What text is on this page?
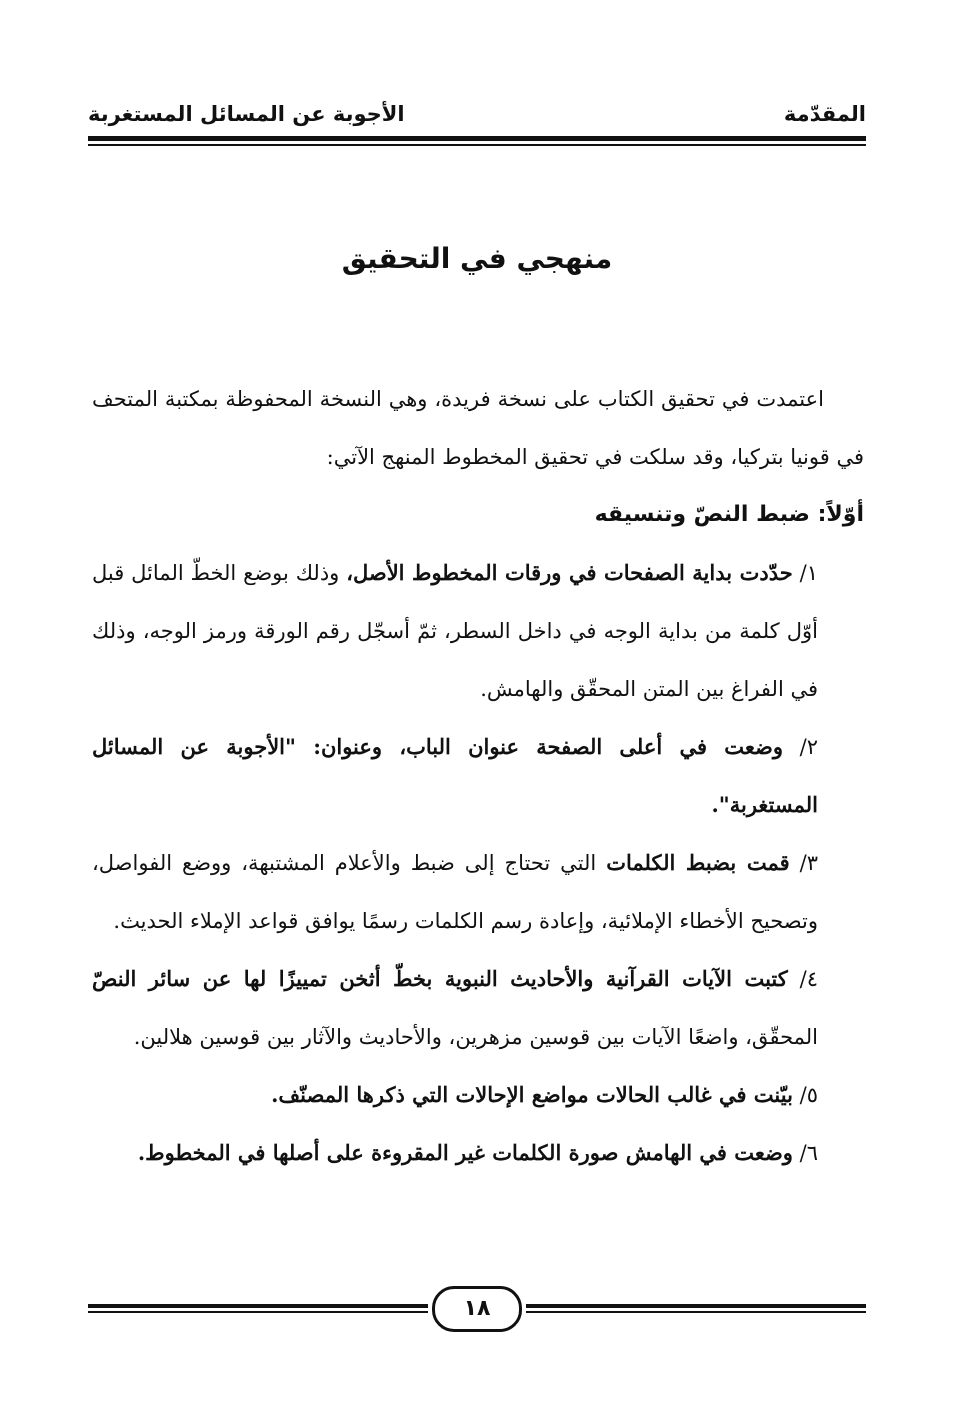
المقدّمة
الأجوبة عن المسائل المستغربة
منهجي في التحقيق

اعتمدت في تحقيق الكتاب على نسخة فريدة، وهي النسخة المحفوظة بمكتبة المتحف في قونيا بتركيا، وقد سلكت في تحقيق المخطوط المنهج الآتي:

أوّلاً: ضبط النصّ وتنسيقه

١/ حدّدت بداية الصفحات في ورقات المخطوط الأصل، وذلك بوضع الخطّ المائل قبل أوّل كلمة من بداية الوجه في داخل السطر، ثمّ أسجّل رقم الورقة ورمز الوجه، وذلك في الفراغ بين المتن المحقّق والهامش.

٢/ وضعت في أعلى الصفحة عنوان الباب، وعنوان: "الأجوبة عن المسائل المستغربة".

٣/ قمت بضبط الكلمات التي تحتاج إلى ضبط والأعلام المشتبهة، ووضع الفواصل، وتصحيح الأخطاء الإملائية، وإعادة رسم الكلمات رسمًا يوافق قواعد الإملاء الحديث.

٤/ كتبت الآيات القرآنية والأحاديث النبوية بخطّ أثخن تمييزًا لها عن سائر النصّ المحقّق، واضعًا الآيات بين قوسين مزهرين، والأحاديث والآثار بين قوسين هلالين.

٥/ بيّنت في غالب الحالات مواضع الإحالات التي ذكرها المصنّف.

٦/ وضعت في الهامش صورة الكلمات غير المقروءة على أصلها في المخطوط.

١٨
